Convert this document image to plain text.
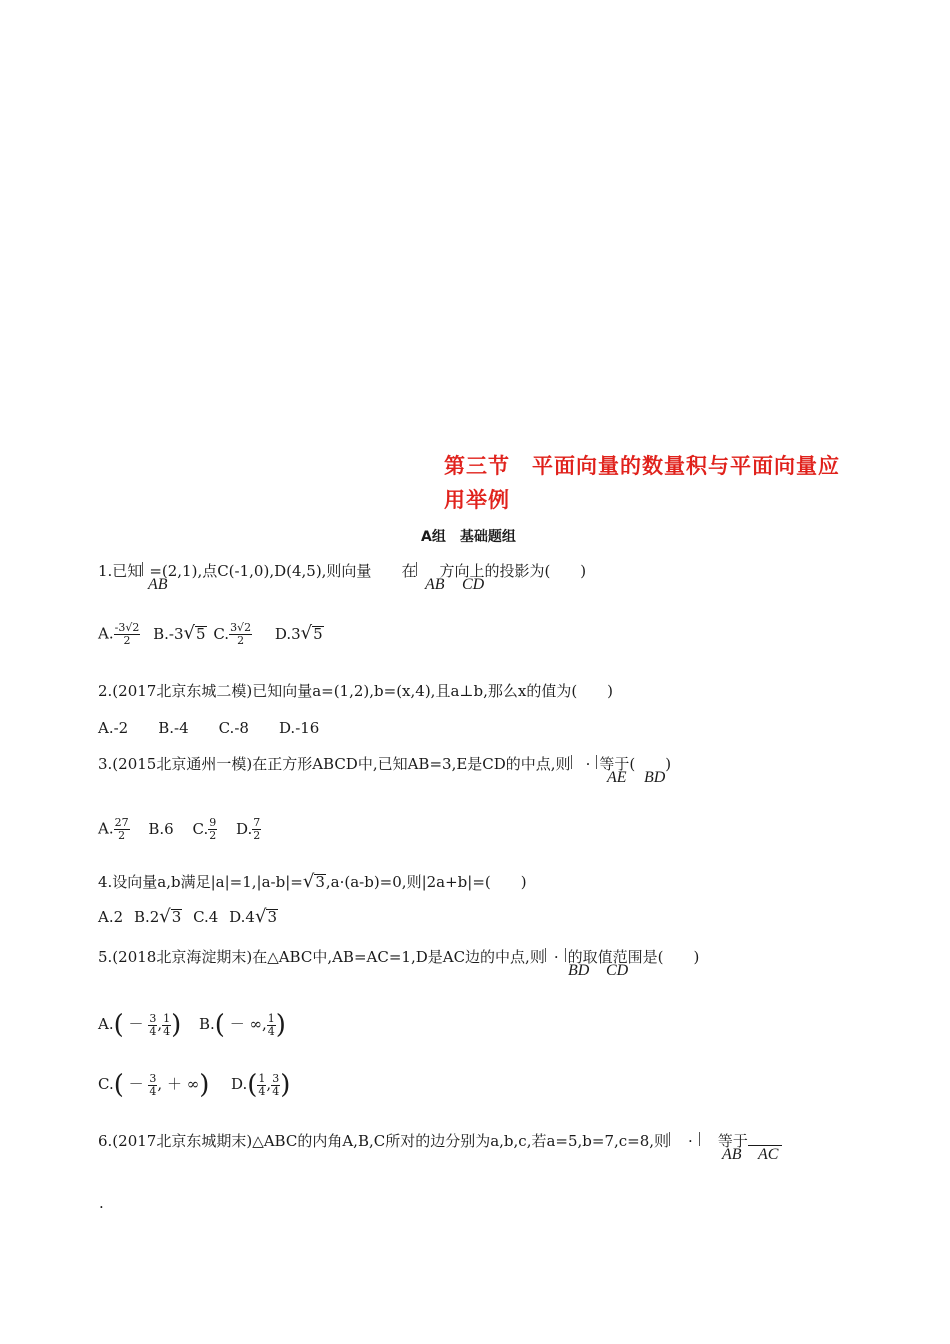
第三节　平面向量的数量积与平面向量应
用举例
A组　基础题组
1.已知 =(2,1),点C(-1,0),D(4,5),则向量 在 方向上的投影为(　　)
AB	AB CD
A. $\frac{-3√2}{2} B.-3√5$ C. $\frac{3√2}{2} D.3√5$
2.(2017北京东城二模)已知向量a=(1,2),b=(x,4),且a⊥b,那么x的值为(　　)
A.-2　　B.-4　　C.-8　　D.-16
3.(2015北京通州一模)在正方形ABCD中,已知AB=3,E是CD的中点,则 · 等于(　　)
AE BD
A. $\frac{27}{2} B.6$ C. $\frac{9}{2} D$. $\frac{7}{2}$
4.设向量a,b满足|a|=1,|a-b|=√3,a·(a-b)=0,则|2a+b|=(　　)
A.2 B.2√3 C.4 D.4√3
5.(2018北京海淀期末)在△ABC中,AB=AC=1,D是AC边的中点,则 · 的取值范围是(　　)
BD CD
$A.( - \frac{3}{4}$ , $\frac{1}{4}$ ) B.( － ∞, $\frac{1}{4}$ )
$C.( - \frac{3}{4}$ , ＋ ∞) $D.( \frac{1}{4}$ , $\frac{3}{4}$ )
6.(2017北京东城期末)△ABC的内角A,B,C所对的边分别为a,b,c,若a=5,b=7,c=8,则 · 等于
AB AC
.
